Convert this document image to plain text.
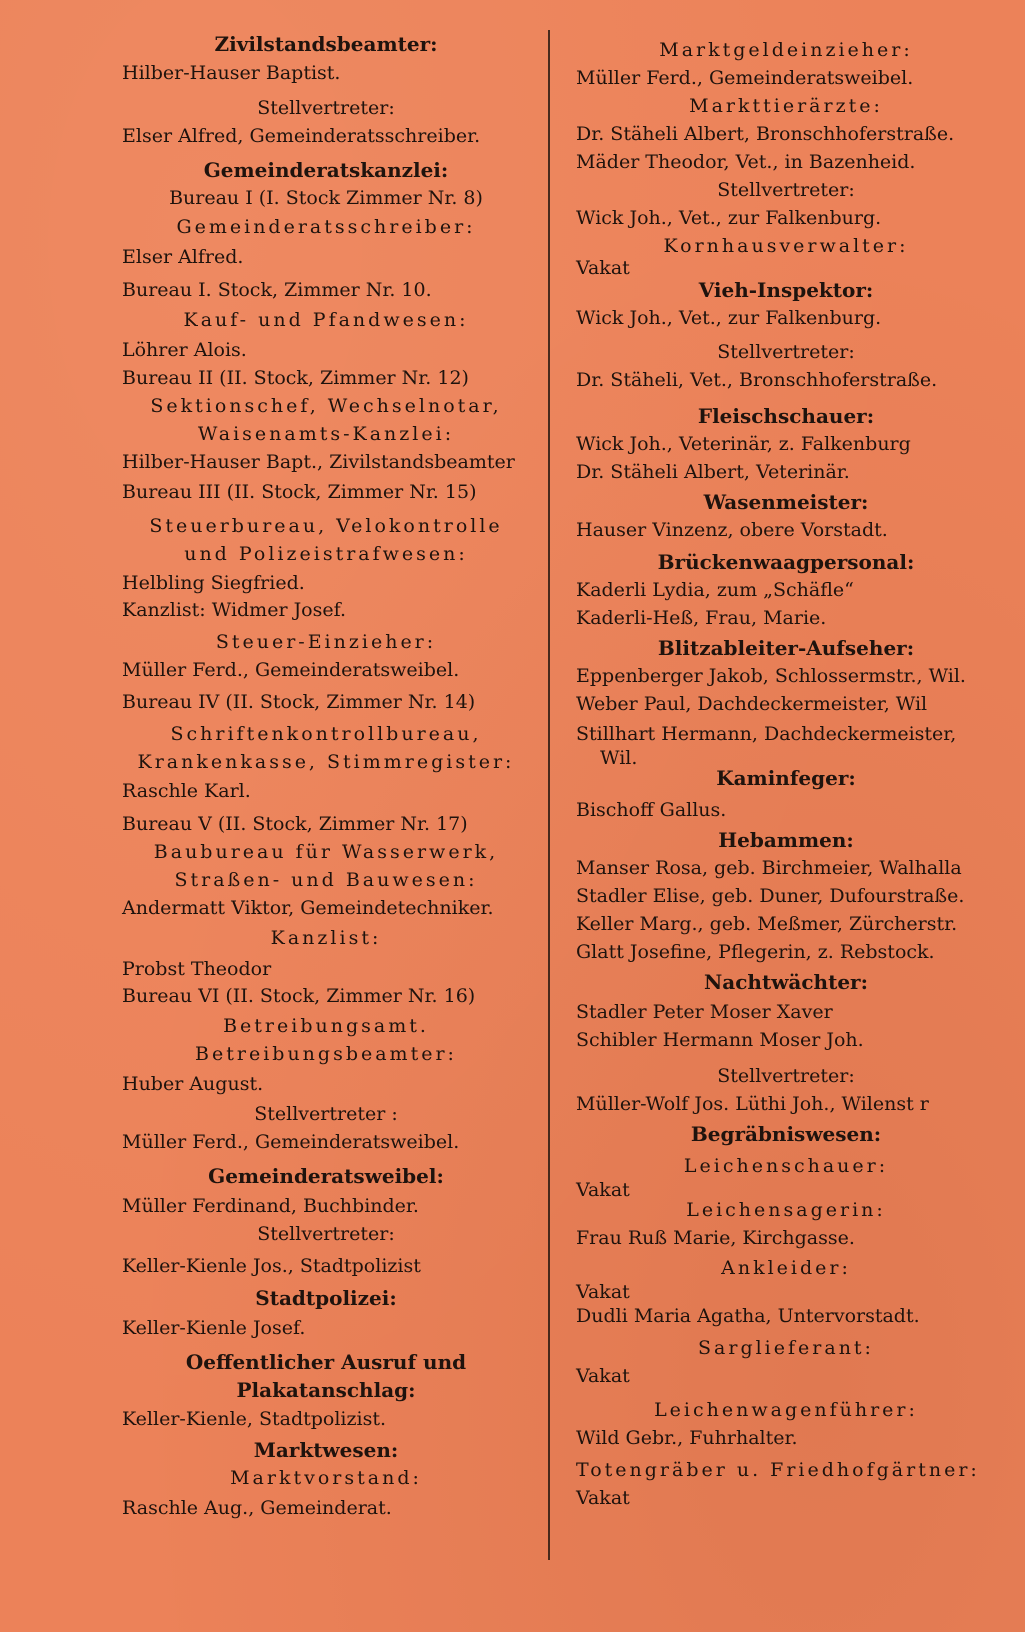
Zivilstandsbeamter:
Hilber-Hauser Baptist.
Stellvertreter:
Elser Alfred, Gemeinderatsschreiber.
Gemeinderatskanzlei:
Bureau I (I. Stock Zimmer Nr. 8)
Gemeinderatsschreiber:
Elser Alfred.
Bureau I. Stock, Zimmer Nr. 10.
Kauf- und Pfandwesen:
Löhrer Alois.
Bureau II (II. Stock, Zimmer Nr. 12)
Sektionschef, Wechselnotar,
Waisenamts-Kanzlei:
Hilber-Hauser Bapt., Zivilstandsbeamter
Bureau III (II. Stock, Zimmer Nr. 15)
Steuerbureau, Velokontrolle
und Polizeistrafwesen:
Helbling Siegfried.
Kanzlist: Widmer Josef.
Steuer-Einzieher:
Müller Ferd., Gemeinderatsweibel.
Bureau IV (II. Stock, Zimmer Nr. 14)
Schriftenkontrollbureau,
Krankenkasse, Stimmregister:
Raschle Karl.
Bureau V (II. Stock, Zimmer Nr. 17)
Baubureau für Wasserwerk,
Straßen- und Bauwesen:
Andermatt Viktor, Gemeindetechniker.
Kanzlist:
Probst Theodor
Bureau VI (II. Stock, Zimmer Nr. 16)
Betreibungsamt.
Betreibungsbeamter:
Huber August.
Stellvertreter :
Müller Ferd., Gemeinderatsweibel.
Gemeinderatsweibel:
Müller Ferdinand, Buchbinder.
Stellvertreter:
Keller-Kienle Jos., Stadtpolizist
Stadtpolizei:
Keller-Kienle Josef.
Oeffentlicher Ausruf und
Plakatanschlag:
Keller-Kienle, Stadtpolizist.
Marktwesen:
Marktvorstand:
Raschle Aug., Gemeinderat.
Marktgeldeinzieher:
Müller Ferd., Gemeinderatsweibel.
Markttierärzte:
Dr. Stäheli Albert, Bronschhoferstraße.
Mäder Theodor, Vet., in Bazenheid.
Stellvertreter:
Wick Joh., Vet., zur Falkenburg.
Kornhausverwalter:
Vakat
Vieh-Inspektor:
Wick Joh., Vet., zur Falkenburg.
Stellvertreter:
Dr. Stäheli, Vet., Bronschhoferstraße.
Fleischschauer:
Wick Joh., Veterinär, z. Falkenburg
Dr. Stäheli Albert, Veterinär.
Wasenmeister:
Hauser Vinzenz, obere Vorstadt.
Brückenwaagpersonal:
Kaderli Lydia, zum „Schäfle“
Kaderli-Heß, Frau, Marie.
Blitzableiter-Aufseher:
Eppenberger Jakob, Schlossermstr., Wil.
Weber Paul, Dachdeckermeister, Wil
Stillhart Hermann, Dachdeckermeister,
Wil.
Kaminfeger:
Bischoff Gallus.
Hebammen:
Manser Rosa, geb. Birchmeier, Walhalla
Stadler Elise, geb. Duner, Dufourstraße.
Keller Marg., geb. Meßmer, Zürcherstr.
Glatt Josefine, Pflegerin, z. Rebstock.
Nachtwächter:
Stadler Peter Moser Xaver
Schibler Hermann Moser Joh.
Stellvertreter:
Müller-Wolf Jos. Lüthi Joh., Wilenst r
Begräbniswesen:
Leichenschauer:
Vakat
Leichensagerin:
Frau Ruß Marie, Kirchgasse.
Ankleider:
Vakat
Dudli Maria Agatha, Untervorstadt.
Sarglieferant:
Vakat
Leichenwagenführer:
Wild Gebr., Fuhrhalter.
Totengräber u. Friedhofgärtner:
Vakat
